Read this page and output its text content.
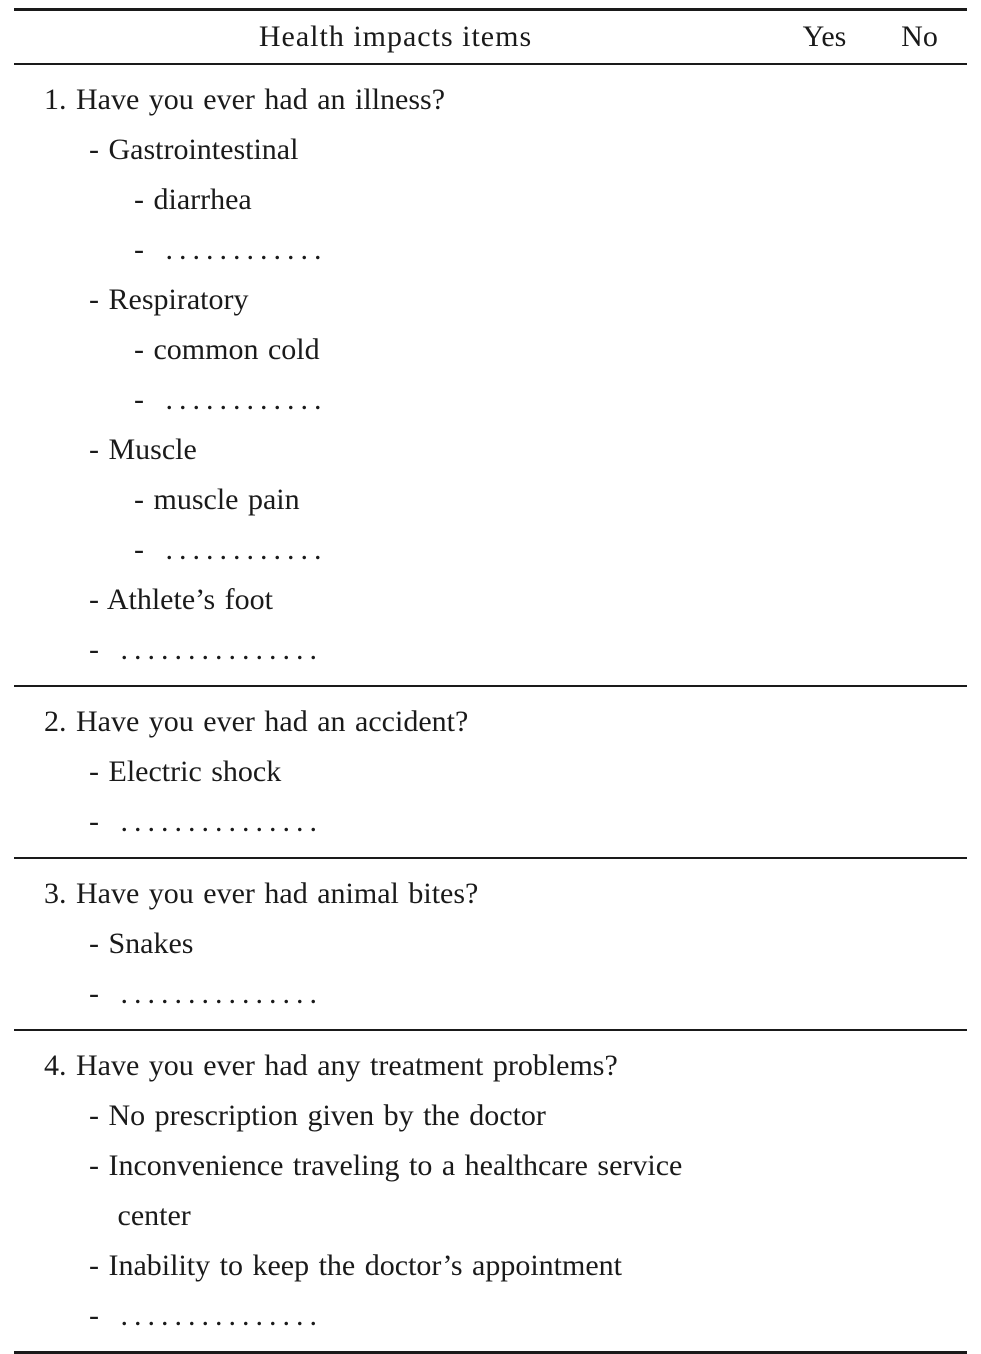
Health impacts items	Yes	No
1. Have you ever had an illness?
- Gastrointestinal
- diarrhea
- ............
- Respiratory
- common cold
- ............
- Muscle
- muscle pain
- ............
- Athlete’s foot
- ...............
2. Have you ever had an accident?
- Electric shock
- ...............
3. Have you ever had animal bites?
- Snakes
- ...............
4. Have you ever had any treatment problems?
- No prescription given by the doctor
- Inconvenience traveling to a healthcare service center
- Inability to keep the doctor’s appointment
- ...............
